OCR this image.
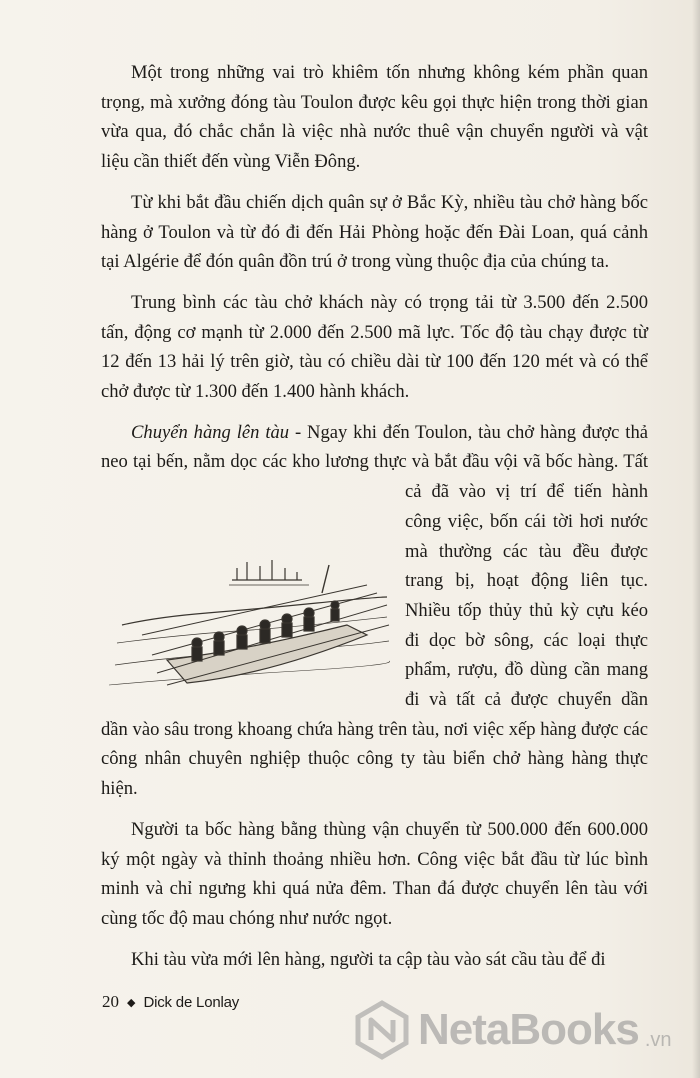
Một trong những vai trò khiêm tốn nhưng không kém phần quan trọng, mà xưởng đóng tàu Toulon được kêu gọi thực hiện trong thời gian vừa qua, đó chắc chắn là việc nhà nước thuê vận chuyển người và vật liệu cần thiết đến vùng Viễn Đông.

Từ khi bắt đầu chiến dịch quân sự ở Bắc Kỳ, nhiều tàu chở hàng bốc hàng ở Toulon và từ đó đi đến Hải Phòng hoặc đến Đài Loan, quá cảnh tại Algérie để đón quân đồn trú ở trong vùng thuộc địa của chúng ta.

Trung bình các tàu chở khách này có trọng tải từ 3.500 đến 2.500 tấn, động cơ mạnh từ 2.000 đến 2.500 mã lực. Tốc độ tàu chạy được từ 12 đến 13 hải lý trên giờ, tàu có chiều dài từ 100 đến 120 mét và có thể chở được từ 1.300 đến 1.400 hành khách.

Chuyển hàng lên tàu - Ngay khi đến Toulon, tàu chở hàng được thả neo tại bến, nằm dọc các kho lương thực và bắt đầu vội vã bốc
hàng. Tất cả đã vào vị trí để tiến hành công việc, bốn cái tời hơi nước mà thường các tàu đều được trang bị, hoạt động liên tục. Nhiều tốp thủy thủ kỳ cựu kéo đi dọc bờ sông, các loại thực phẩm, rượu, đồ dùng cần mang đi và tất cả được chuyển dần dần vào sâu trong khoang chứa hàng trên tàu, nơi việc xếp hàng được các công nhân chuyên nghiệp thuộc công ty tàu biển chở hàng hàng thực hiện.

Người ta bốc hàng bằng thùng vận chuyển từ 500.000 đến 600.000 ký một ngày và thỉnh thoảng nhiều hơn. Công việc bắt đầu từ lúc bình minh và chỉ ngưng khi quá nửa đêm. Than đá được chuyển lên tàu với cùng tốc độ mau chóng như nước ngọt.

Khi tàu vừa mới lên hàng, người ta cập tàu vào sát cầu tàu để đi

20 ◆ Dick de Lonlay
NetaBooks .vn
